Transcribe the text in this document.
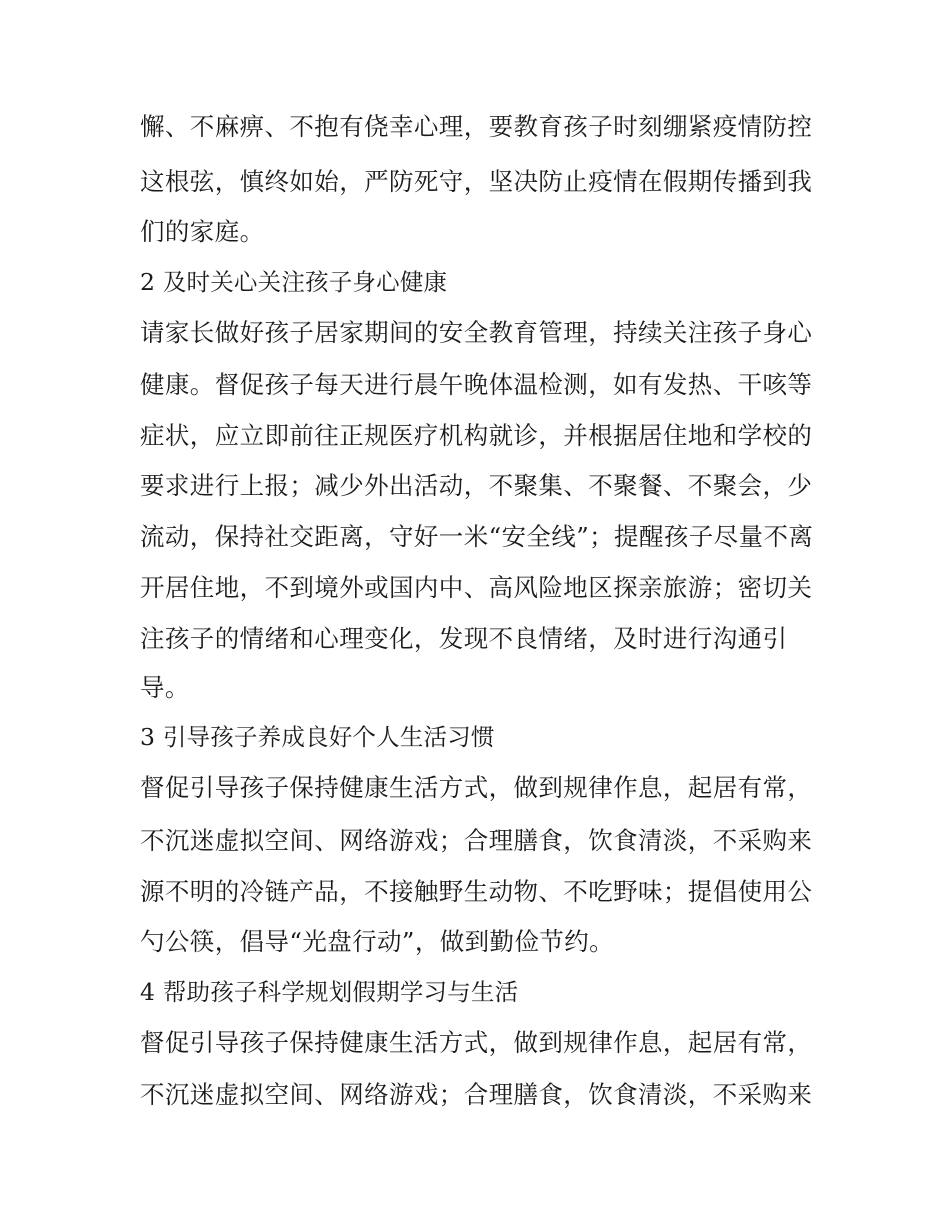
懈、不麻痹、不抱有侥幸心理，要教育孩子时刻绷紧疫情防控
这根弦，慎终如始，严防死守，坚决防止疫情在假期传播到我
们的家庭。
2 及时关心关注孩子身心健康
请家长做好孩子居家期间的安全教育管理，持续关注孩子身心
健康。督促孩子每天进行晨午晚体温检测，如有发热、干咳等
症状，应立即前往正规医疗机构就诊，并根据居住地和学校的
要求进行上报；减少外出活动，不聚集、不聚餐、不聚会，少
流动，保持社交距离，守好一米“安全线”；提醒孩子尽量不离
开居住地，不到境外或国内中、高风险地区探亲旅游；密切关
注孩子的情绪和心理变化，发现不良情绪，及时进行沟通引
导。
3 引导孩子养成良好个人生活习惯
督促引导孩子保持健康生活方式，做到规律作息，起居有常，
不沉迷虚拟空间、网络游戏；合理膳食，饮食清淡，不采购来
源不明的冷链产品，不接触野生动物、不吃野味；提倡使用公
勺公筷，倡导“光盘行动”，做到勤俭节约。
4 帮助孩子科学规划假期学习与生活
督促引导孩子保持健康生活方式，做到规律作息，起居有常，
不沉迷虚拟空间、网络游戏；合理膳食，饮食清淡，不采购来
